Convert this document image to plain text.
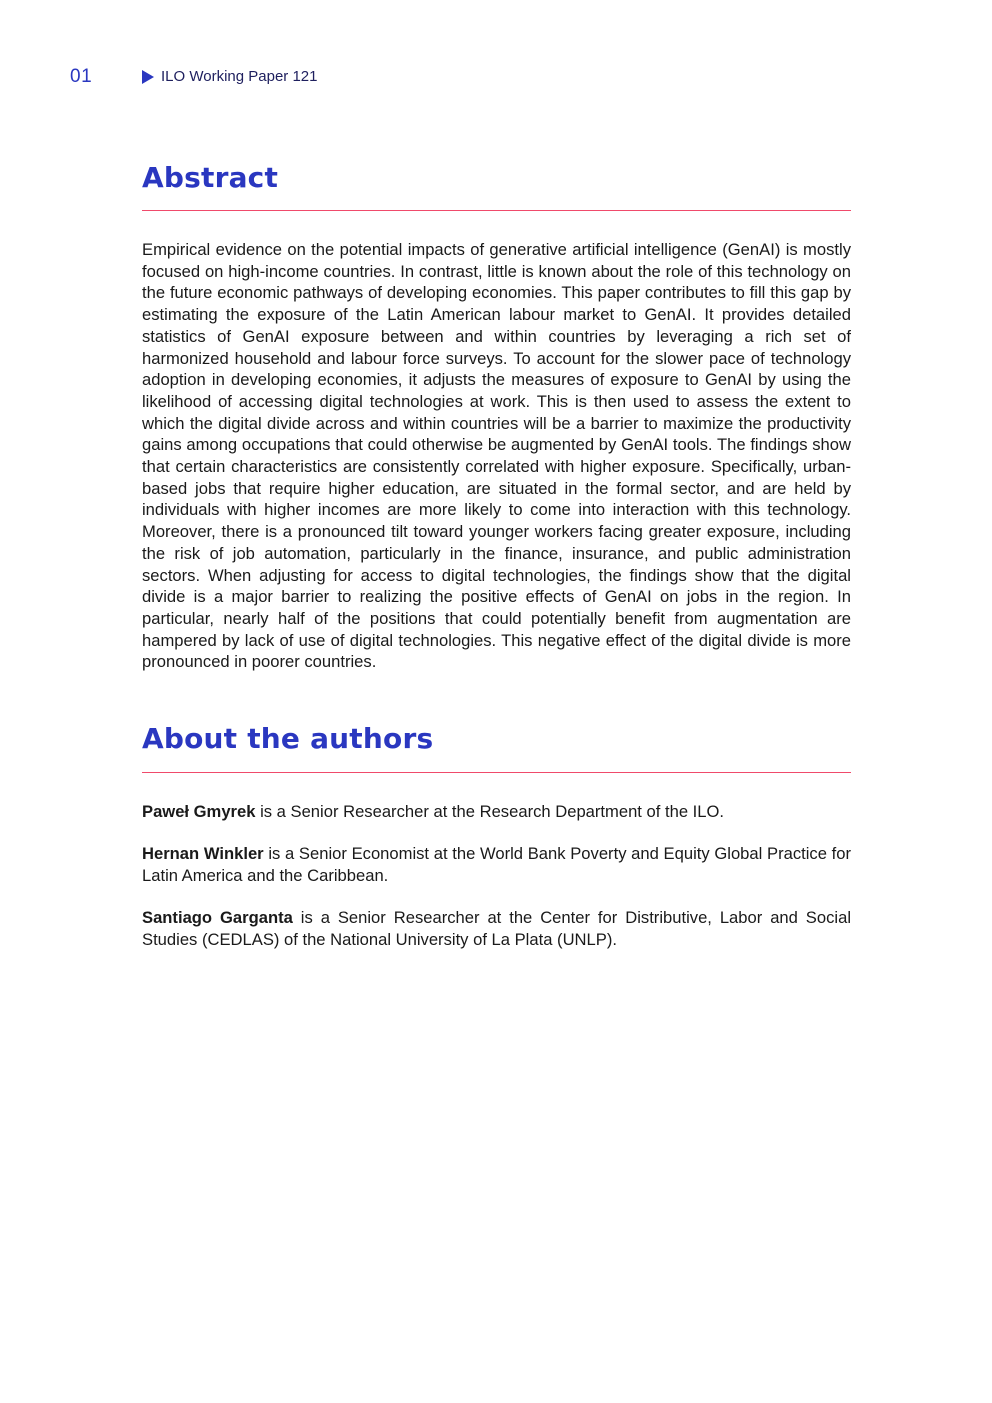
01	ILO Working Paper 121
Abstract

Empirical evidence on the potential impacts of generative artificial intelligence (GenAI) is mostly focused on high-income countries. In contrast, little is known about the role of this technology on the future economic pathways of developing economies. This paper contributes to fill this gap by estimating the exposure of the Latin American labour market to GenAI. It provides detailed statistics of GenAI exposure between and within countries by leveraging a rich set of harmonized household and labour force surveys. To account for the slower pace of technology adoption in developing economies, it adjusts the measures of exposure to GenAI by using the likelihood of accessing digital technologies at work. This is then used to assess the extent to which the digital divide across and within countries will be a barrier to maximize the productivity gains among occupations that could otherwise be augmented by GenAI tools. The findings show that certain characteristics are consistently correlated with higher exposure. Specifically, urban-based jobs that require higher education, are situated in the formal sector, and are held by individuals with higher incomes are more likely to come into interaction with this technology. Moreover, there is a pronounced tilt toward younger workers facing greater exposure, including the risk of job automation, particularly in the finance, insurance, and public administration sectors. When adjusting for access to digital technologies, the findings show that the digital divide is a major barrier to realizing the positive effects of GenAI on jobs in the region. In particular, nearly half of the positions that could potentially benefit from augmentation are hampered by lack of use of digital technologies. This negative effect of the digital divide is more pronounced in poorer countries.

About the authors

Paweł Gmyrek is a Senior Researcher at the Research Department of the ILO.

Hernan Winkler is a Senior Economist at the World Bank Poverty and Equity Global Practice for Latin America and the Caribbean.

Santiago Garganta is a Senior Researcher at the Center for Distributive, Labor and Social Studies (CEDLAS) of the National University of La Plata (UNLP).
